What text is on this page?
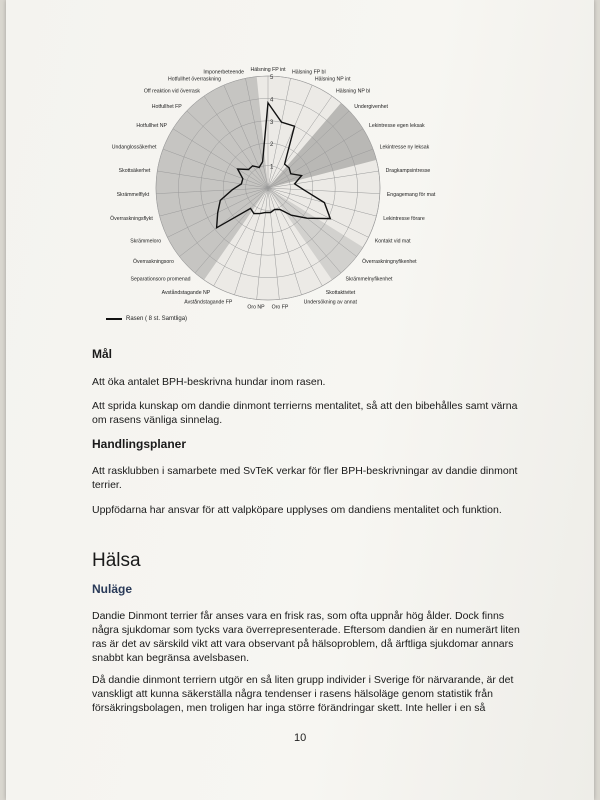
Hälsning FP int Hälsning FP bl
Hälsning NP int
Hälsning NP bl
Undergivenhet
Lekintresse egen leksak
Lekintresse ny leksak
Dragkampsintresse
Engagemang för mat
Lekintresse förare
Kontakt vid mat
Överraskningnyfikenhet
Skrämmelnyfikenhet
Skottaktivitet
Undersökning av annat
Oro FP
Oro NP
Avståndstagande FP
Avståndstagande NP
Separationsoro promenad
Överraskningsoro
Skrämmeloro
Överraskningsflykt
Skrämmelflykt
Skottsäkerhet
Undanglossäkerhet
Hotfullhet NP
Hotfullhet FP
Off reaktion vid överrask
Hotfullhet överraskning
Imponerbeteende
1
2
3
4
5
Rasen ( 8 st. Samtliga)
Mål
Att öka antalet BPH-beskrivna hundar inom rasen.
Att sprida kunskap om dandie dinmont terrierns mentalitet, så att den bibehålles samt värna om rasens vänliga sinnelag.
Handlingsplaner
Att rasklubben i samarbete med SvTeK verkar för fler BPH-beskrivningar av dandie dinmont terrier.
Uppfödarna har ansvar för att valpköpare upplyses om dandiens mentalitet och funktion.
Hälsa
Nuläge
Dandie Dinmont terrier får anses vara en frisk ras, som ofta uppnår hög ålder. Dock finns några sjukdomar som tycks vara överrepresenterade. Eftersom dandien är en numerärt liten ras är det av särskild vikt att vara observant på hälsoproblem, då ärftliga sjukdomar annars snabbt kan begränsa avelsbasen.
Då dandie dinmont terriern utgör en så liten grupp individer i Sverige för närvarande, är det vanskligt att kunna säkerställa några tendenser i rasens hälsoläge genom statistik från försäkringsbolagen, men troligen har inga större förändringar skett. Inte heller i en så
10
